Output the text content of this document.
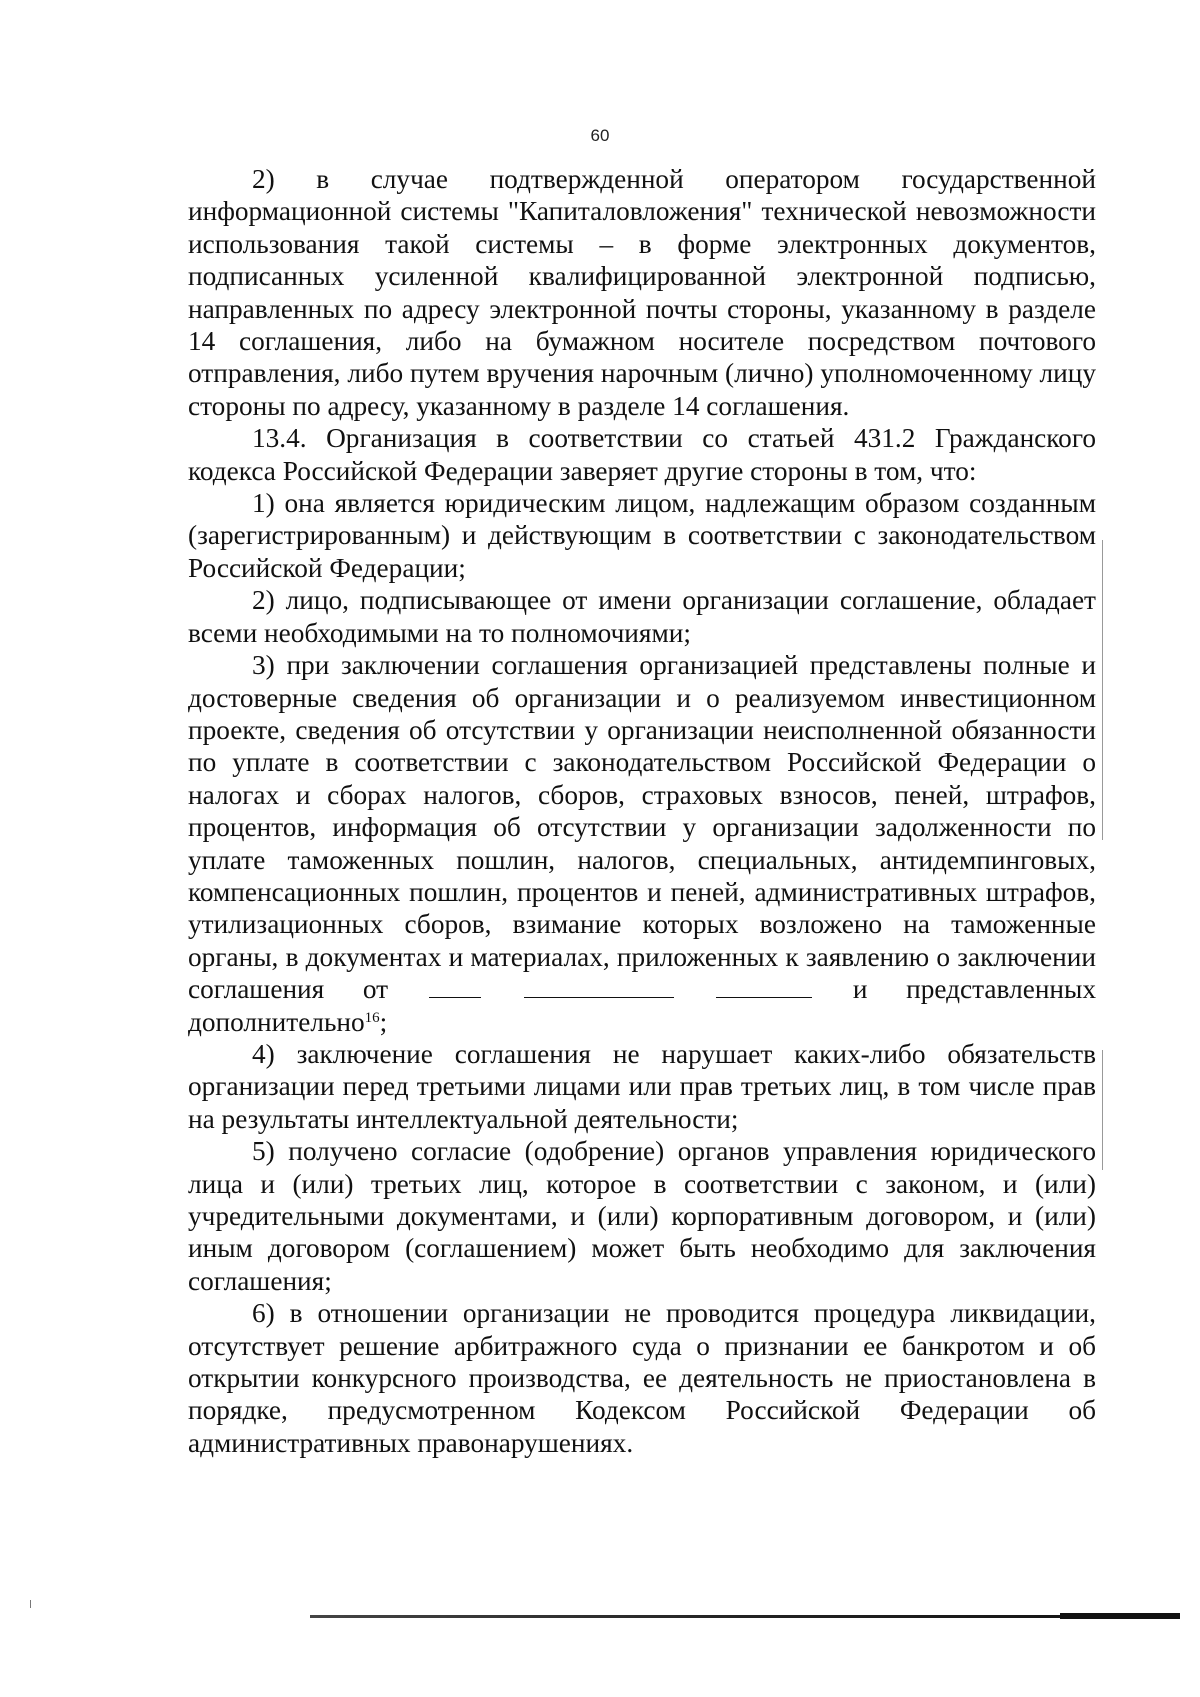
60

2) в случае подтвержденной оператором государственной информационной системы "Капиталовложения" технической невозможности использования такой системы – в форме электронных документов, подписанных усиленной квалифицированной электронной подписью, направленных по адресу электронной почты стороны, указанному в разделе 14 соглашения, либо на бумажном носителе посредством почтового отправления, либо путем вручения нарочным (лично) уполномоченному лицу стороны по адресу, указанному в разделе 14 соглашения.

13.4. Организация в соответствии со статьей 431.2 Гражданского кодекса Российской Федерации заверяет другие стороны в том, что:

1) она является юридическим лицом, надлежащим образом созданным (зарегистрированным) и действующим в соответствии с законодательством Российской Федерации;

2) лицо, подписывающее от имени организации соглашение, обладает всеми необходимыми на то полномочиями;

3) при заключении соглашения организацией представлены полные и достоверные сведения об организации и о реализуемом инвестиционном проекте, сведения об отсутствии у организации неисполненной обязанности по уплате в соответствии с законодательством Российской Федерации о налогах и сборах налогов, сборов, страховых взносов, пеней, штрафов, процентов, информация об отсутствии у организации задолженности по уплате таможенных пошлин, налогов, специальных, антидемпинговых, компенсационных пошлин, процентов и пеней, административных штрафов, утилизационных сборов, взимание которых возложено на таможенные органы, в документах и материалах, приложенных к заявлению о заключении соглашения от	и представленных дополнительно$^{16}$;

4) заключение соглашения не нарушает каких-либо обязательств организации перед третьими лицами или прав третьих лиц, в том числе прав на результаты интеллектуальной деятельности;

5) получено согласие (одобрение) органов управления юридического лица и (или) третьих лиц, которое в соответствии с законом, и (или) учредительными документами, и (или) корпоративным договором, и (или) иным договором (соглашением) может быть необходимо для заключения соглашения;

6) в отношении организации не проводится процедура ликвидации, отсутствует решение арбитражного суда о признании ее банкротом и об открытии конкурсного производства, ее деятельность не приостановлена в порядке, предусмотренном Кодексом Российской Федерации об административных правонарушениях.
